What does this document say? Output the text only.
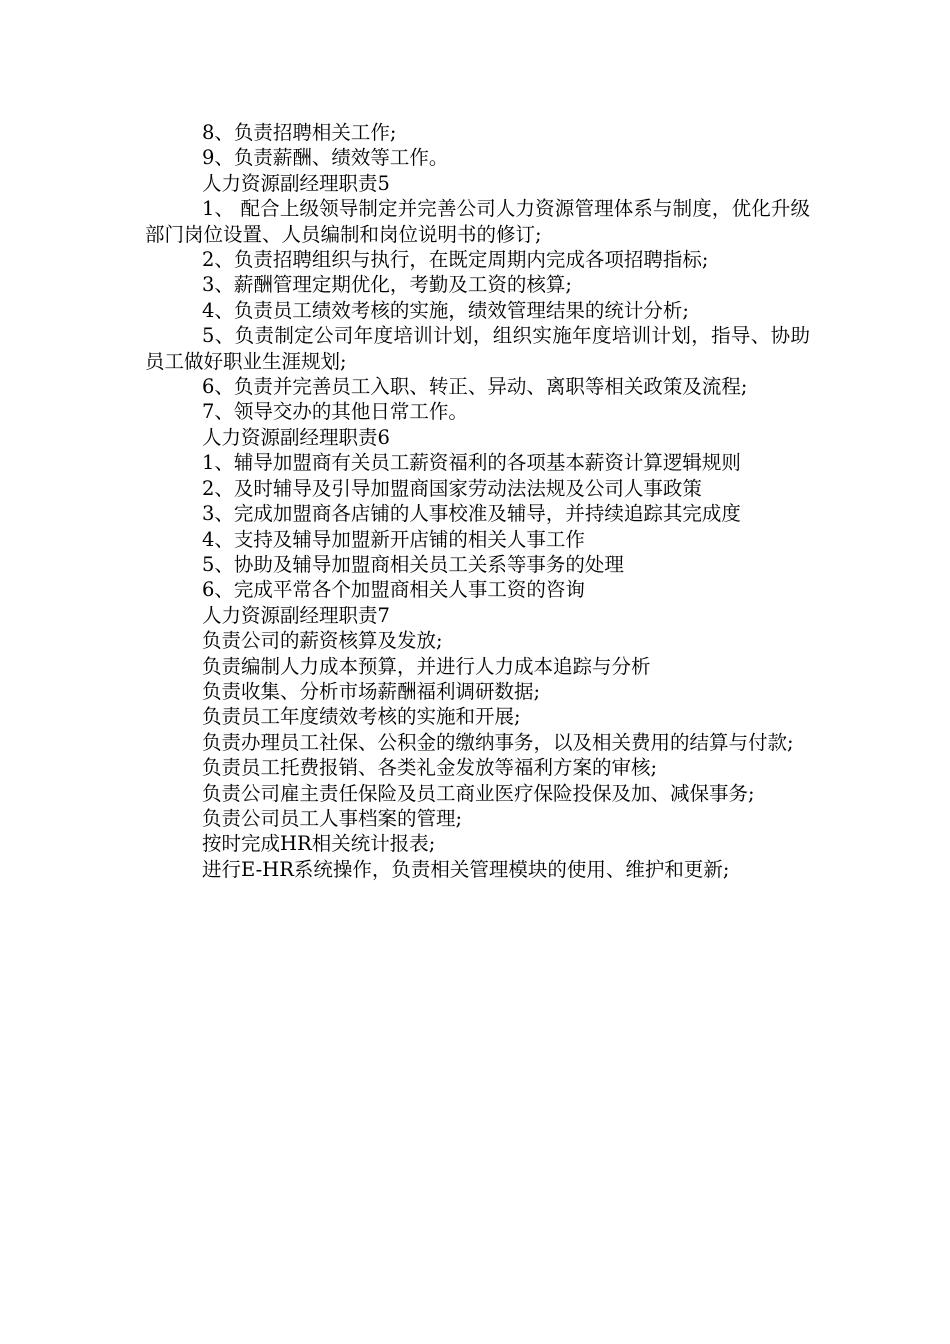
8、负责招聘相关工作;

9、负责薪酬、绩效等工作。

人力资源副经理职责5

1、 配合上级领导制定并完善公司人力资源管理体系与制度，优化升级部门岗位设置、人员编制和岗位说明书的修订;

2、负责招聘组织与执行，在既定周期内完成各项招聘指标;

3、薪酬管理定期优化，考勤及工资的核算;

4、负责员工绩效考核的实施，绩效管理结果的统计分析;

5、负责制定公司年度培训计划，组织实施年度培训计划，指导、协助员工做好职业生涯规划;

6、负责并完善员工入职、转正、异动、离职等相关政策及流程;

7、领导交办的其他日常工作。

人力资源副经理职责6

1、辅导加盟商有关员工薪资福利的各项基本薪资计算逻辑规则

2、及时辅导及引导加盟商国家劳动法法规及公司人事政策

3、完成加盟商各店铺的人事校准及辅导，并持续追踪其完成度

4、支持及辅导加盟新开店铺的相关人事工作

5、协助及辅导加盟商相关员工关系等事务的处理

6、完成平常各个加盟商相关人事工资的咨询

人力资源副经理职责7

负责公司的薪资核算及发放;

负责编制人力成本预算，并进行人力成本追踪与分析

负责收集、分析市场薪酬福利调研数据;

负责员工年度绩效考核的实施和开展;

负责办理员工社保、公积金的缴纳事务，以及相关费用的结算与付款;

负责员工托费报销、各类礼金发放等福利方案的审核;

负责公司雇主责任保险及员工商业医疗保险投保及加、减保事务;

负责公司员工人事档案的管理;

按时完成HR相关统计报表;

进行E-HR系统操作，负责相关管理模块的使用、维护和更新;
